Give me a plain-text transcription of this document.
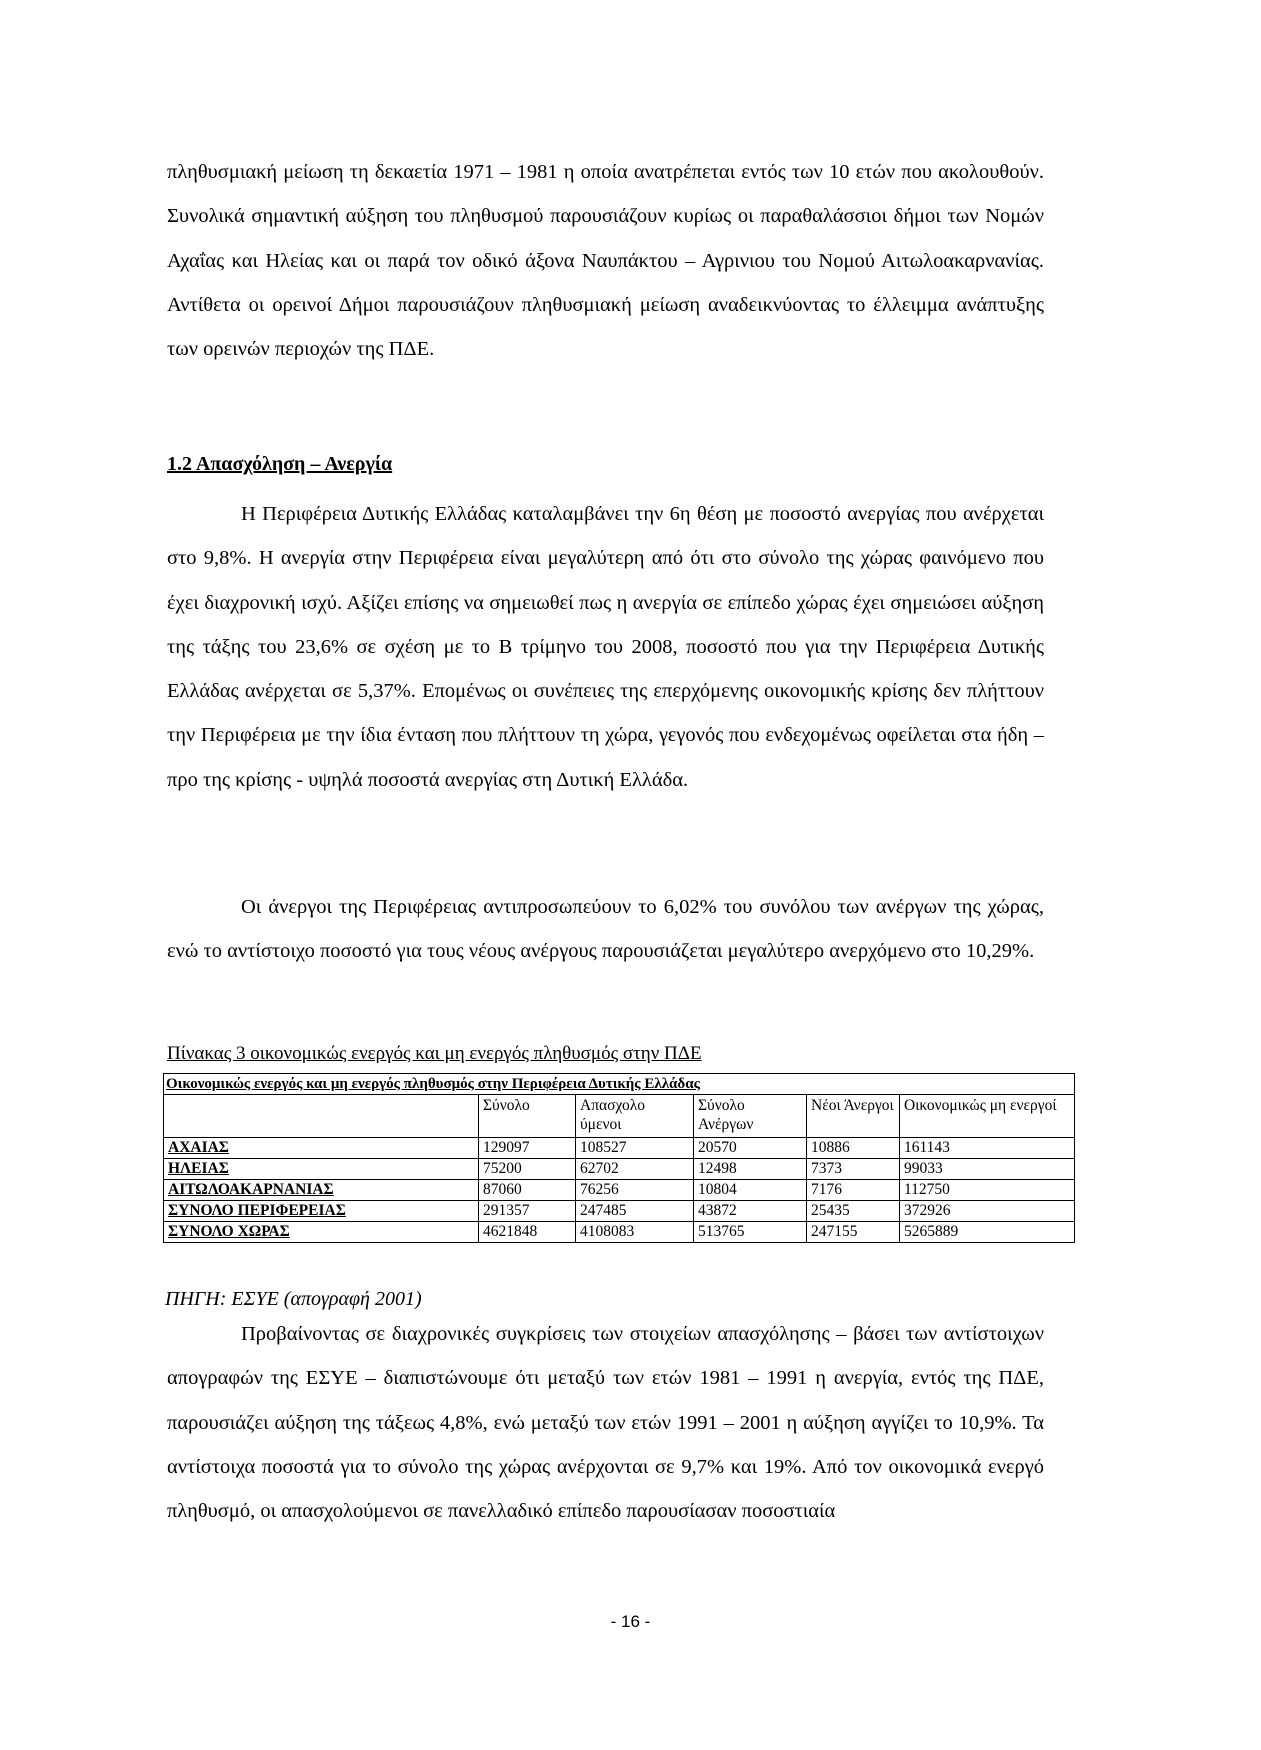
πληθυσμιακή μείωση τη δεκαετία 1971 – 1981 η οποία ανατρέπεται εντός των 10 ετών που ακολουθούν. Συνολικά σημαντική αύξηση του πληθυσμού παρουσιάζουν κυρίως οι παραθαλάσσιοι δήμοι των Νομών Αχαΐας και Ηλείας και οι παρά τον οδικό άξονα Ναυπάκτου – Αγρινιου του Νομού Αιτωλοακαρνανίας. Αντίθετα οι ορεινοί Δήμοι παρουσιάζουν πληθυσμιακή μείωση αναδεικνύοντας το έλλειμμα ανάπτυξης των ορεινών περιοχών της ΠΔΕ.

1.2 Απασχόληση – Ανεργία

Η Περιφέρεια Δυτικής Ελλάδας καταλαμβάνει την 6η θέση με ποσοστό ανεργίας που ανέρχεται στο 9,8%. Η ανεργία στην Περιφέρεια είναι μεγαλύτερη από ότι στο σύνολο της χώρας φαινόμενο που έχει διαχρονική ισχύ. Αξίζει επίσης να σημειωθεί πως η ανεργία σε επίπεδο χώρας έχει σημειώσει αύξηση της τάξης του 23,6% σε σχέση με το Β τρίμηνο του 2008, ποσοστό που για την Περιφέρεια Δυτικής Ελλάδας ανέρχεται σε 5,37%. Επομένως οι συνέπειες της επερχόμενης οικονομικής κρίσης δεν πλήττουν την Περιφέρεια με την ίδια ένταση που πλήττουν τη χώρα, γεγονός που ενδεχομένως οφείλεται στα ήδη – προ της κρίσης - υψηλά ποσοστά ανεργίας στη Δυτική Ελλάδα.

Οι άνεργοι της Περιφέρειας αντιπροσωπεύουν το 6,02% του συνόλου των ανέργων της χώρας, ενώ το αντίστοιχο ποσοστό για τους νέους ανέργους παρουσιάζεται μεγαλύτερο ανερχόμενο στο 10,29%.

Πίνακας 3 οικονομικώς ενεργός και μη ενεργός πληθυσμός στην ΠΔΕ

Οικονομικώς ενεργός και μη ενεργός πληθυσμός στην Περιφέρεια Δυτικής Ελλάδας					
	Σύνολο	Απασχολο ύμενοι	Σύνολο Ανέργων	Νέοι Άνεργοι	Οικονομικώς μη ενεργοί
ΑΧΑΙΑΣ	129097	108527	20570	10886	161143
ΗΛΕΙΑΣ	75200	62702	12498	7373	99033
ΑΙΤΩΛΟΑΚΑΡΝΑΝΙΑΣ	87060	76256	10804	7176	112750
ΣΥΝΟΛΟ ΠΕΡΙΦΕΡΕΙΑΣ	291357	247485	43872	25435	372926
ΣΥΝΟΛΟ ΧΩΡΑΣ	4621848	4108083	513765	247155	5265889

ΠΗΓΗ: ΕΣΥΕ (απογραφή 2001)

Προβαίνοντας σε διαχρονικές συγκρίσεις των στοιχείων απασχόλησης – βάσει των αντίστοιχων απογραφών της ΕΣΥΕ – διαπιστώνουμε ότι μεταξύ των ετών 1981 – 1991 η ανεργία, εντός της ΠΔΕ, παρουσιάζει αύξηση της τάξεως 4,8%, ενώ μεταξύ των ετών 1991 – 2001 η αύξηση αγγίζει το 10,9%. Τα αντίστοιχα ποσοστά για το σύνολο της χώρας ανέρχονται σε 9,7% και 19%. Από τον οικονομικά ενεργό πληθυσμό, οι απασχολούμενοι σε πανελλαδικό επίπεδο παρουσίασαν ποσοστιαία

- 16 -
